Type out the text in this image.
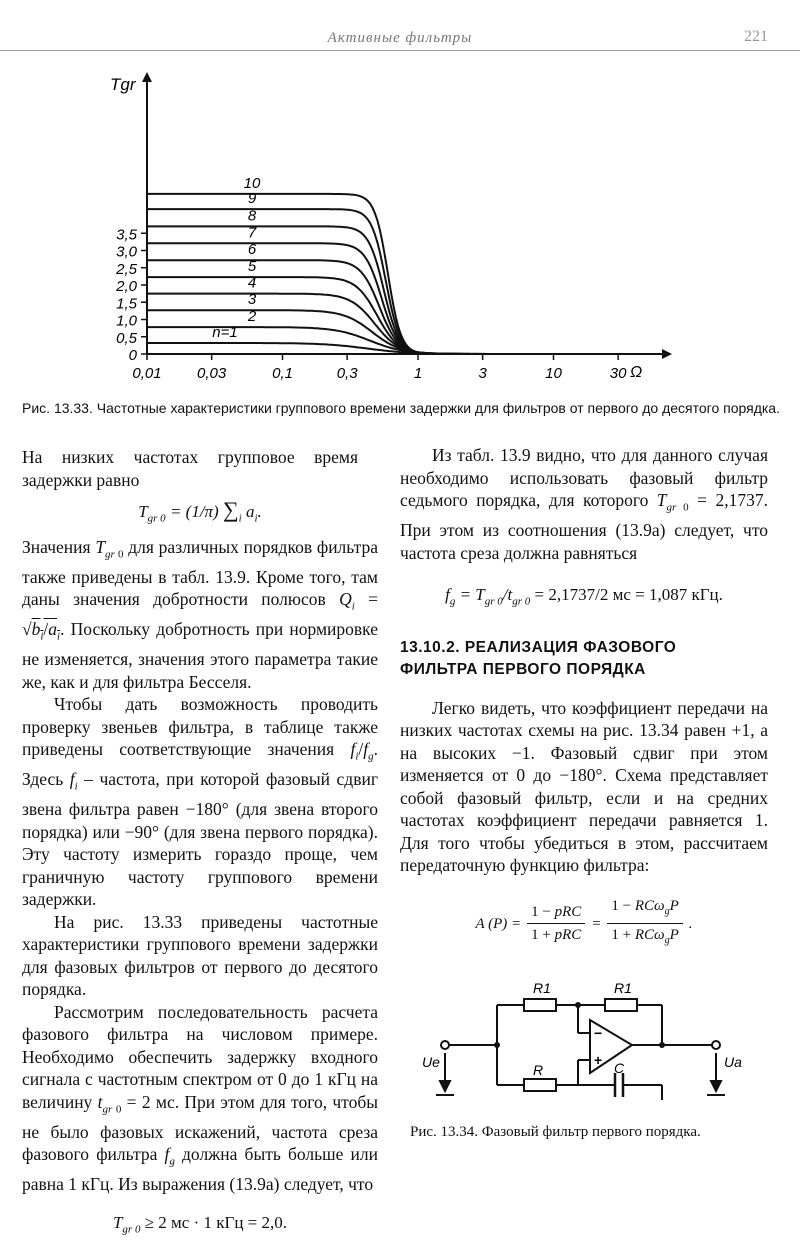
Активные фильтры	221
0
0,5
1,0
1,5
2,0
2,5
3,0
3,5
0,01 0,03	0,1	0,3	1	3	10	30
Tgr
Ω
n=1
2
3
4
5
6
7
8
9
10
Рис. 13.33. Частотные характеристики группового времени задержки для фильтров от первого до десятого порядка.

На низких частотах групповое время задержки равно

$T_{gr 0} = (1/\pi)$ $\sum_i$ $a_i$.

Значения $T_{gr 0}$ для различных порядков фильтра также приведены в табл. 13.9. Кроме того, там даны значения добротности полюсов $Q_i = √b_i/a_i$. Поскольку добротность при нормировке не изменяется, значения этого параметра такие же, как и для фильтра Бесселя.

Чтобы дать возможность проводить проверку звеньев фильтра, в таблице также приведены соответствующие значения $f_i/f_g$. Здесь $f_i$ – частота, при которой фазовый сдвиг звена фильтра равен −180° (для звена второго порядка) или −90° (для звена первого порядка). Эту частоту измерить гораздо проще, чем граничную частоту группового времени задержки.

На рис. 13.33 приведены частотные характеристики группового времени задержки для фазовых фильтров от первого до десятого порядка.

Рассмотрим последовательность расчета фазового фильтра на числовом примере. Необходимо обеспечить задержку входного сигнала с частотным спектром от 0 до 1 кГц на величину $t_{gr 0} = 2$ мс. При этом для того, чтобы не было фазовых искажений, частота среза фазового фильтра $f_g$ должна быть больше или равна 1 кГц. Из выражения (13.9а) следует, что

$T_{gr 0} \ge 2$ мс · 1 кГц = 2,0.

Из табл. 13.9 видно, что для данного случая необходимо использовать фазовый фильтр седьмого порядка, для которого $T_{gr 0} = 2,1737$. При этом из соотношения (13.9а) следует, что частота среза должна равняться

$f_g = T_{gr 0}/t_{gr 0} = 2,1737/2$ мс = 1,087 кГц.
13.10.2. РЕАЛИЗАЦИЯ ФАЗОВОГО
ФИЛЬТРА ПЕРВОГО ПОРЯДКА

Легко видеть, что коэффициент передачи на низких частотах схемы на рис. 13.34 равен +1, а на высоких −1. Фазовый сдвиг при этом изменяется от 0 до −180°. Схема представляет собой фазовый фильтр, если и на средних частотах коэффициент передачи равняется 1. Для того чтобы убедиться в этом, рассчитаем передаточную функцию фильтра:

A (P) =
1 − pRC
1 + pRC
=
1 − RCω$_g$P
1 + RCω$_g$P
.
R1	R1
R	C
Ue	Ua
−
+
Рис. 13.34. Фазовый фильтр первого порядка.
